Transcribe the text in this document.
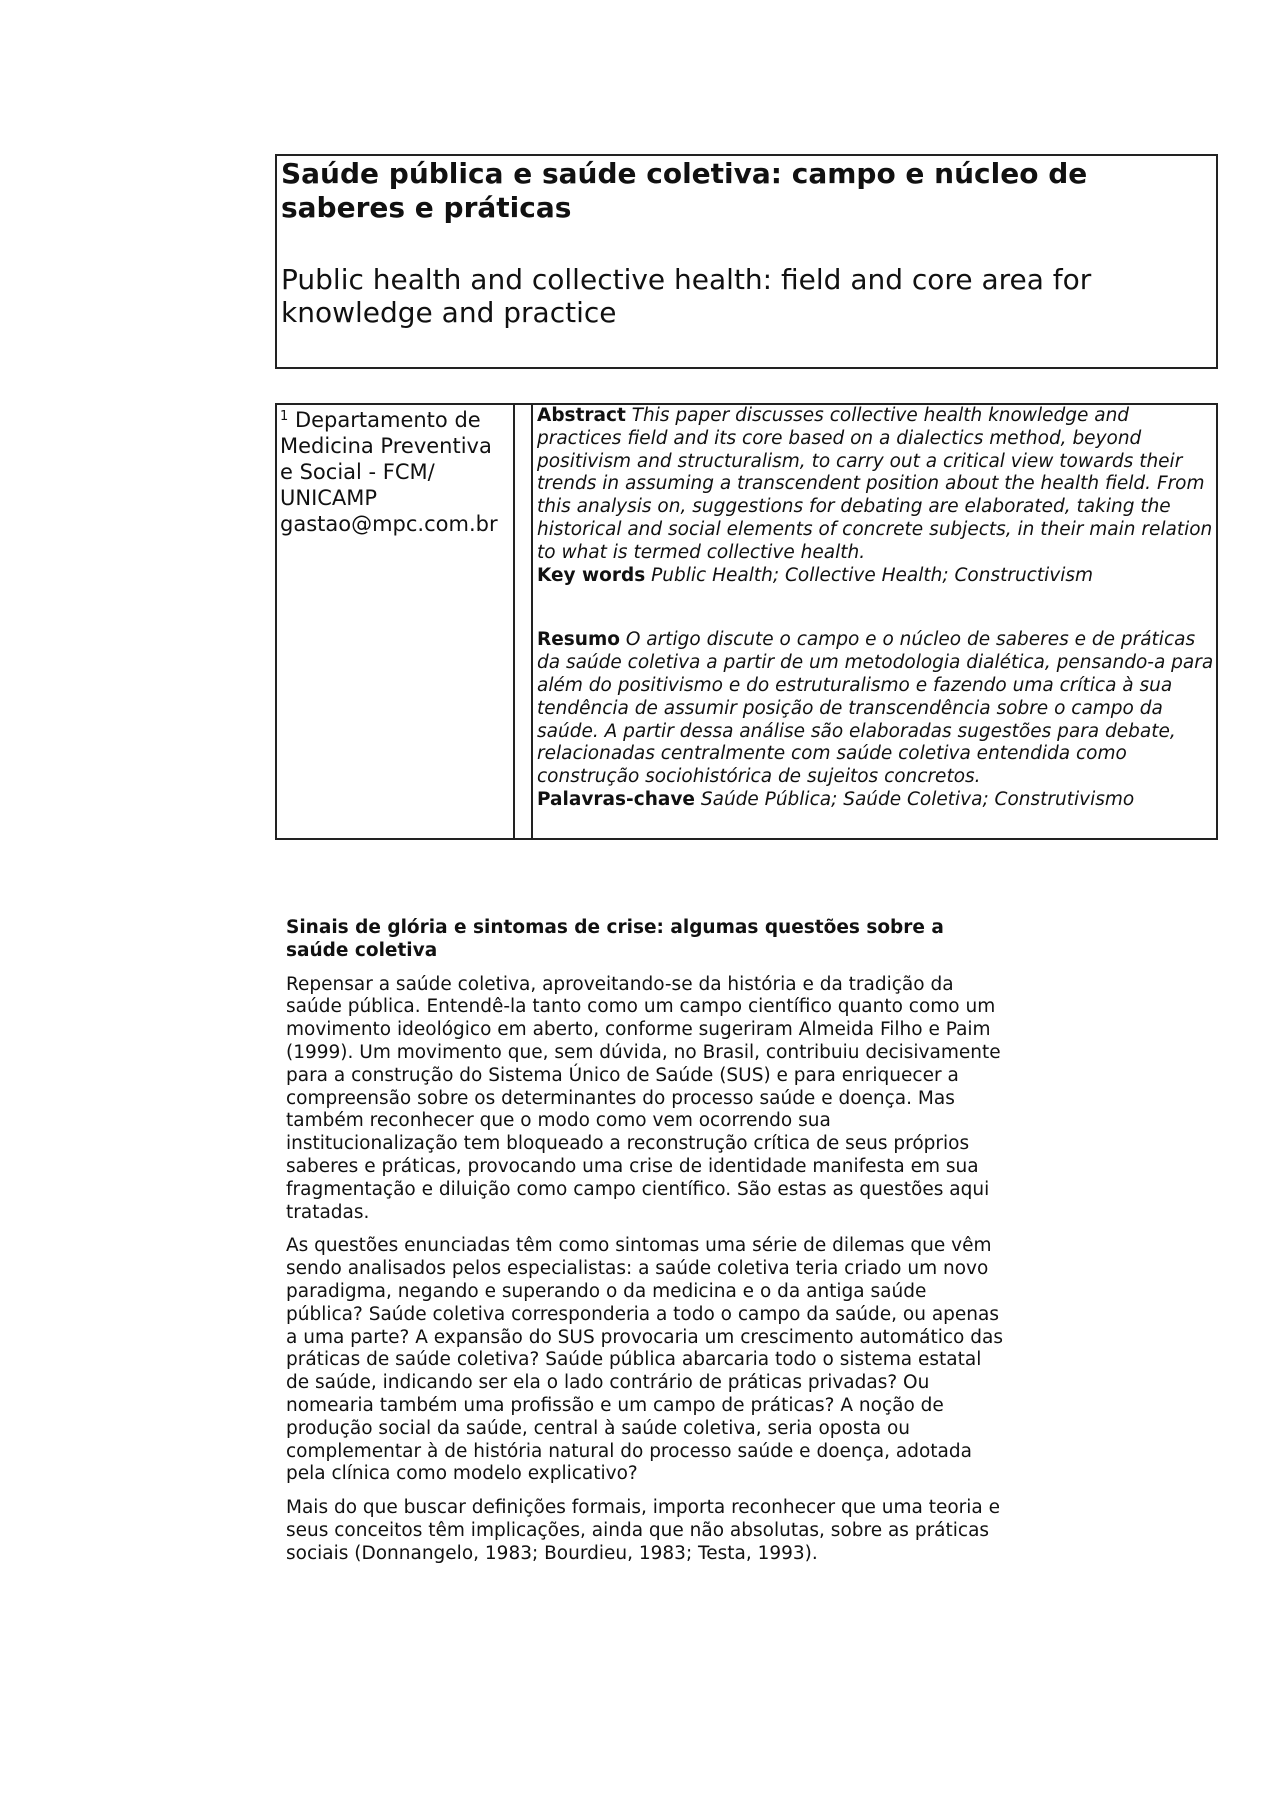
Saúde pública e saúde coletiva: campo e núcleo de saberes e práticas
Public health and collective health: field and core area for knowledge and practice
$^1$ Departamento de
Medicina Preventiva
e Social - FCM/
UNICAMP
gastao@mpc.com.br

Abstract This paper discusses collective health knowledge and practices field and its core based on a dialectics method, beyond positivism and structuralism, to carry out a critical view towards their trends in assuming a transcendent position about the health field. From this analysis on, suggestions for debating are elaborated, taking the historical and social elements of concrete subjects, in their main relation to what is termed collective health.

Key words Public Health; Collective Health; Constructivism

Resumo O artigo discute o campo e o núcleo de saberes e de práticas da saúde coletiva a partir de um metodologia dialética, pensando-a para além do positivismo e do estruturalismo e fazendo uma crítica à sua tendência de assumir posição de transcendência sobre o campo da saúde. A partir dessa análise são elaboradas sugestões para debate, relacionadas centralmente com saúde coletiva entendida como construção sociohistórica de sujeitos concretos.

Palavras-chave Saúde Pública; Saúde Coletiva; Construtivismo

Sinais de glória e sintomas de crise: algumas questões sobre a saúde coletiva

Repensar a saúde coletiva, aproveitando-se da história e da tradição da saúde pública. Entendê-la tanto como um campo científico quanto como um movimento ideológico em aberto, conforme sugeriram Almeida Filho e Paim (1999). Um movimento que, sem dúvida, no Brasil, contribuiu decisivamente para a construção do Sistema Único de Saúde (SUS) e para enriquecer a compreensão sobre os determinantes do processo saúde e doença. Mas também reconhecer que o modo como vem ocorrendo sua institucionalização tem bloqueado a reconstrução crítica de seus próprios saberes e práticas, provocando uma crise de identidade manifesta em sua fragmentação e diluição como campo científico. São estas as questões aqui tratadas.

As questões enunciadas têm como sintomas uma série de dilemas que vêm sendo analisados pelos especialistas: a saúde coletiva teria criado um novo paradigma, negando e superando o da medicina e o da antiga saúde pública? Saúde coletiva corresponderia a todo o campo da saúde, ou apenas a uma parte? A expansão do SUS provocaria um crescimento automático das práticas de saúde coletiva? Saúde pública abarcaria todo o sistema estatal de saúde, indicando ser ela o lado contrário de práticas privadas? Ou nomearia também uma profissão e um campo de práticas? A noção de produção social da saúde, central à saúde coletiva, seria oposta ou complementar à de história natural do processo saúde e doença, adotada pela clínica como modelo explicativo?

Mais do que buscar definições formais, importa reconhecer que uma teoria e seus conceitos têm implicações, ainda que não absolutas, sobre as práticas sociais (Donnangelo, 1983; Bourdieu, 1983; Testa, 1993).
